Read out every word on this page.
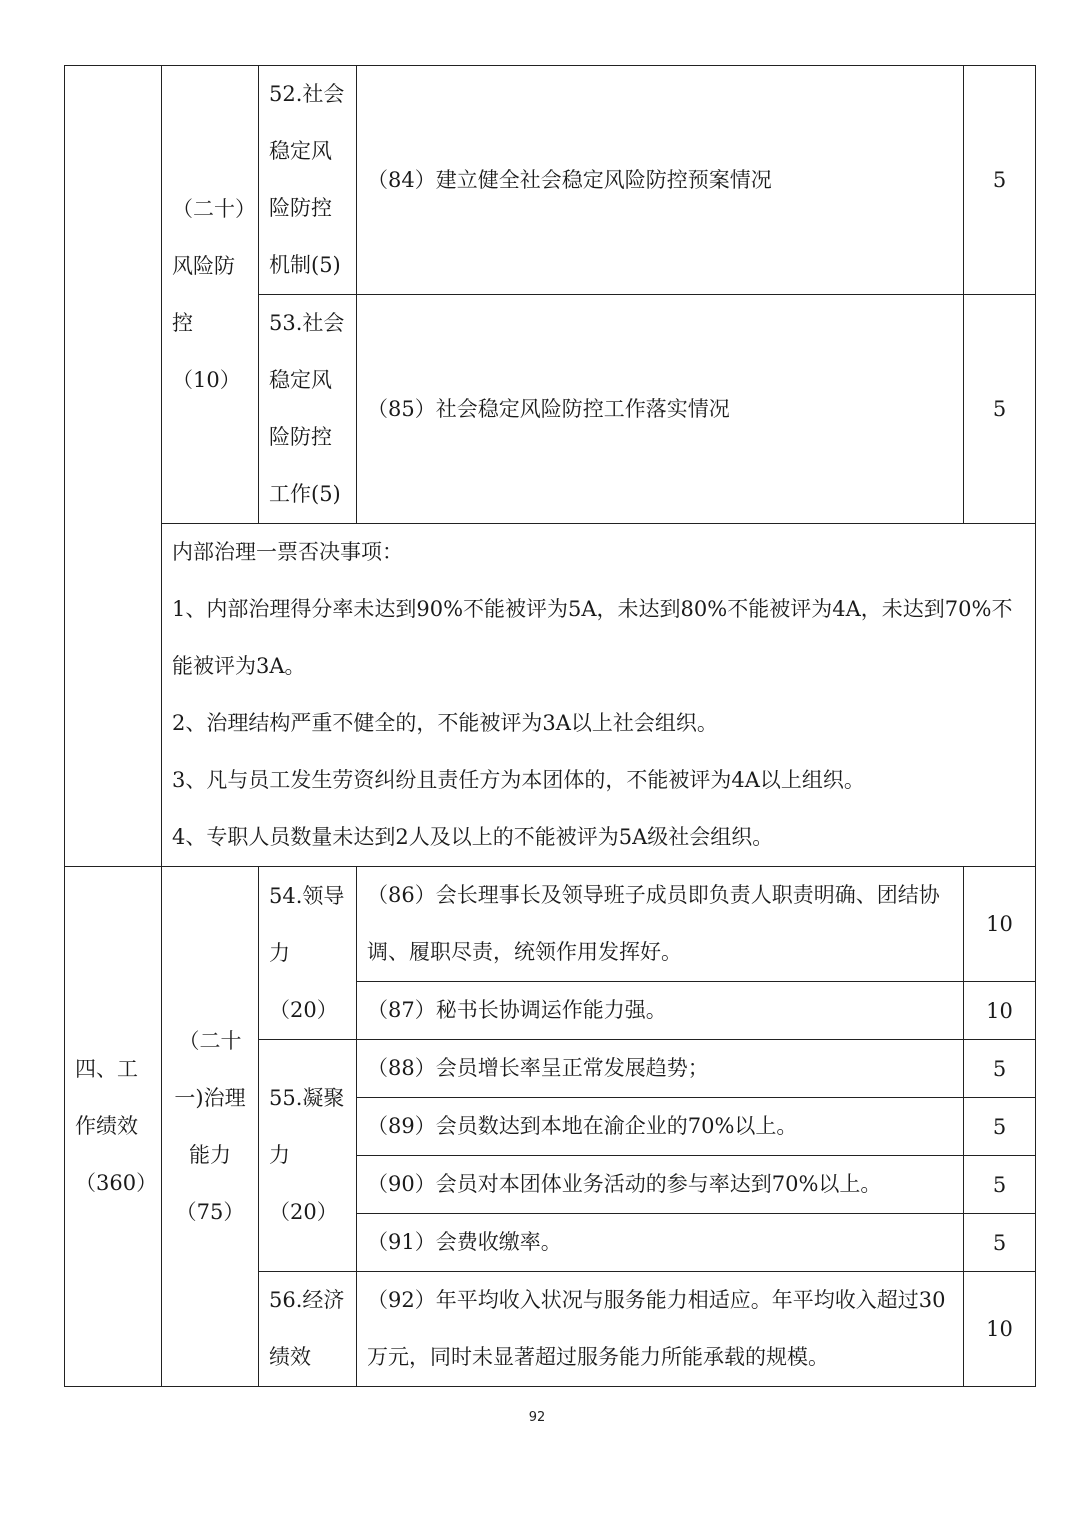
	（二十）风险防控（10）	52.社会稳定风险防控机制(5)	（84）建立健全社会稳定风险防控预案情况	5
		53.社会稳定风险防控工作(5)	（85）社会稳定风险防控工作落实情况	5

	内部治理一票否决事项：
1、内部治理得分率未达到90%不能被评为5A，未达到80%不能被评为4A，未达到70%不能被评为3A。
2、治理结构严重不健全的，不能被评为3A以上社会组织。
3、凡与员工发生劳资纠纷且责任方为本团体的，不能被评为4A以上组织。
4、专职人员数量未达到2人及以上的不能被评为5A级社会组织。			

四、工作绩效（360）	（二十一)治理能力（75）	54.领导力（20）	（86）会长理事长及领导班子成员即负责人职责明确、团结协调、履职尽责，统领作用发挥好。	10
			（87）秘书长协调运作能力强。	10
		55.凝聚力（20）	（88）会员增长率呈正常发展趋势；	5
			（89）会员数达到本地在渝企业的70%以上。	5
			（90）会员对本团体业务活动的参与率达到70%以上。	5
			（91）会费收缴率。	5
		56.经济绩效	（92）年平均收入状况与服务能力相适应。年平均收入超过30万元，同时未显著超过服务能力所能承载的规模。	10
92
